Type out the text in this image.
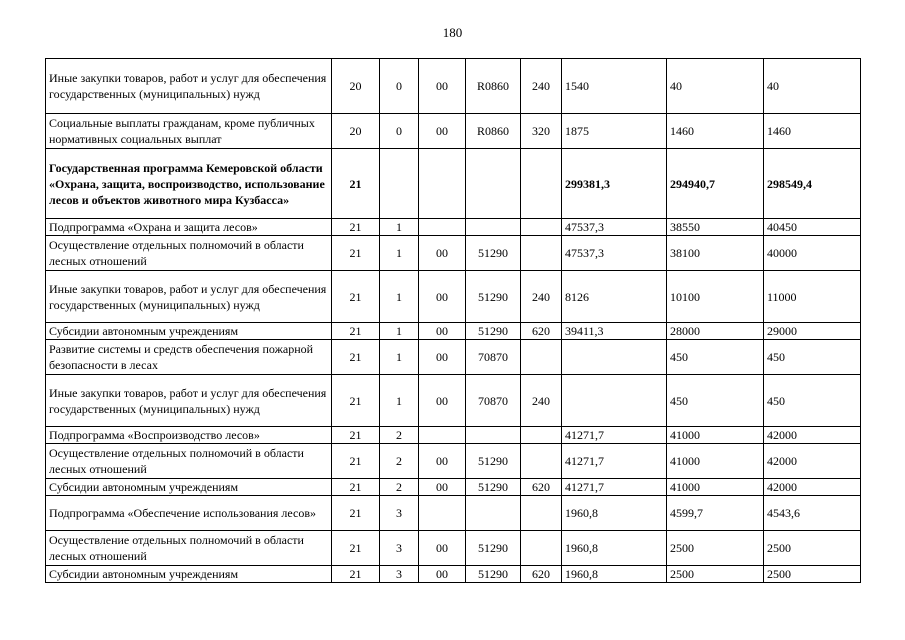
180
Иные закупки товаров, работ и услуг для обеспечения государственных (муниципальных) нужд	20	0	00	R0860	240	1540	40	40
Социальные выплаты гражданам, кроме публичных нормативных социальных выплат	20	0	00	R0860	320	1875	1460	1460
Государственная программа Кемеровской области «Охрана, защита, воспроизводство, использование лесов и объектов животного мира Кузбасса»	21					299381,3	294940,7	298549,4
Подпрограмма «Охрана и защита лесов»	21	1				47537,3	38550	40450
Осуществление отдельных полномочий в области лесных отношений	21	1	00	51290		47537,3	38100	40000
Иные закупки товаров, работ и услуг для обеспечения государственных (муниципальных) нужд	21	1	00	51290	240	8126	10100	11000
Субсидии автономным учреждениям	21	1	00	51290	620	39411,3	28000	29000
Развитие системы и средств обеспечения пожарной безопасности в лесах	21	1	00	70870			450	450
Иные закупки товаров, работ и услуг для обеспечения государственных (муниципальных) нужд	21	1	00	70870	240		450	450
Подпрограмма «Воспроизводство лесов»	21	2				41271,7	41000	42000
Осуществление отдельных полномочий в области лесных отношений	21	2	00	51290		41271,7	41000	42000
Субсидии автономным учреждениям	21	2	00	51290	620	41271,7	41000	42000
Подпрограмма «Обеспечение использования лесов»	21	3				1960,8	4599,7	4543,6
Осуществление отдельных полномочий в области лесных отношений	21	3	00	51290		1960,8	2500	2500
Субсидии автономным учреждениям	21	3	00	51290	620	1960,8	2500	2500
